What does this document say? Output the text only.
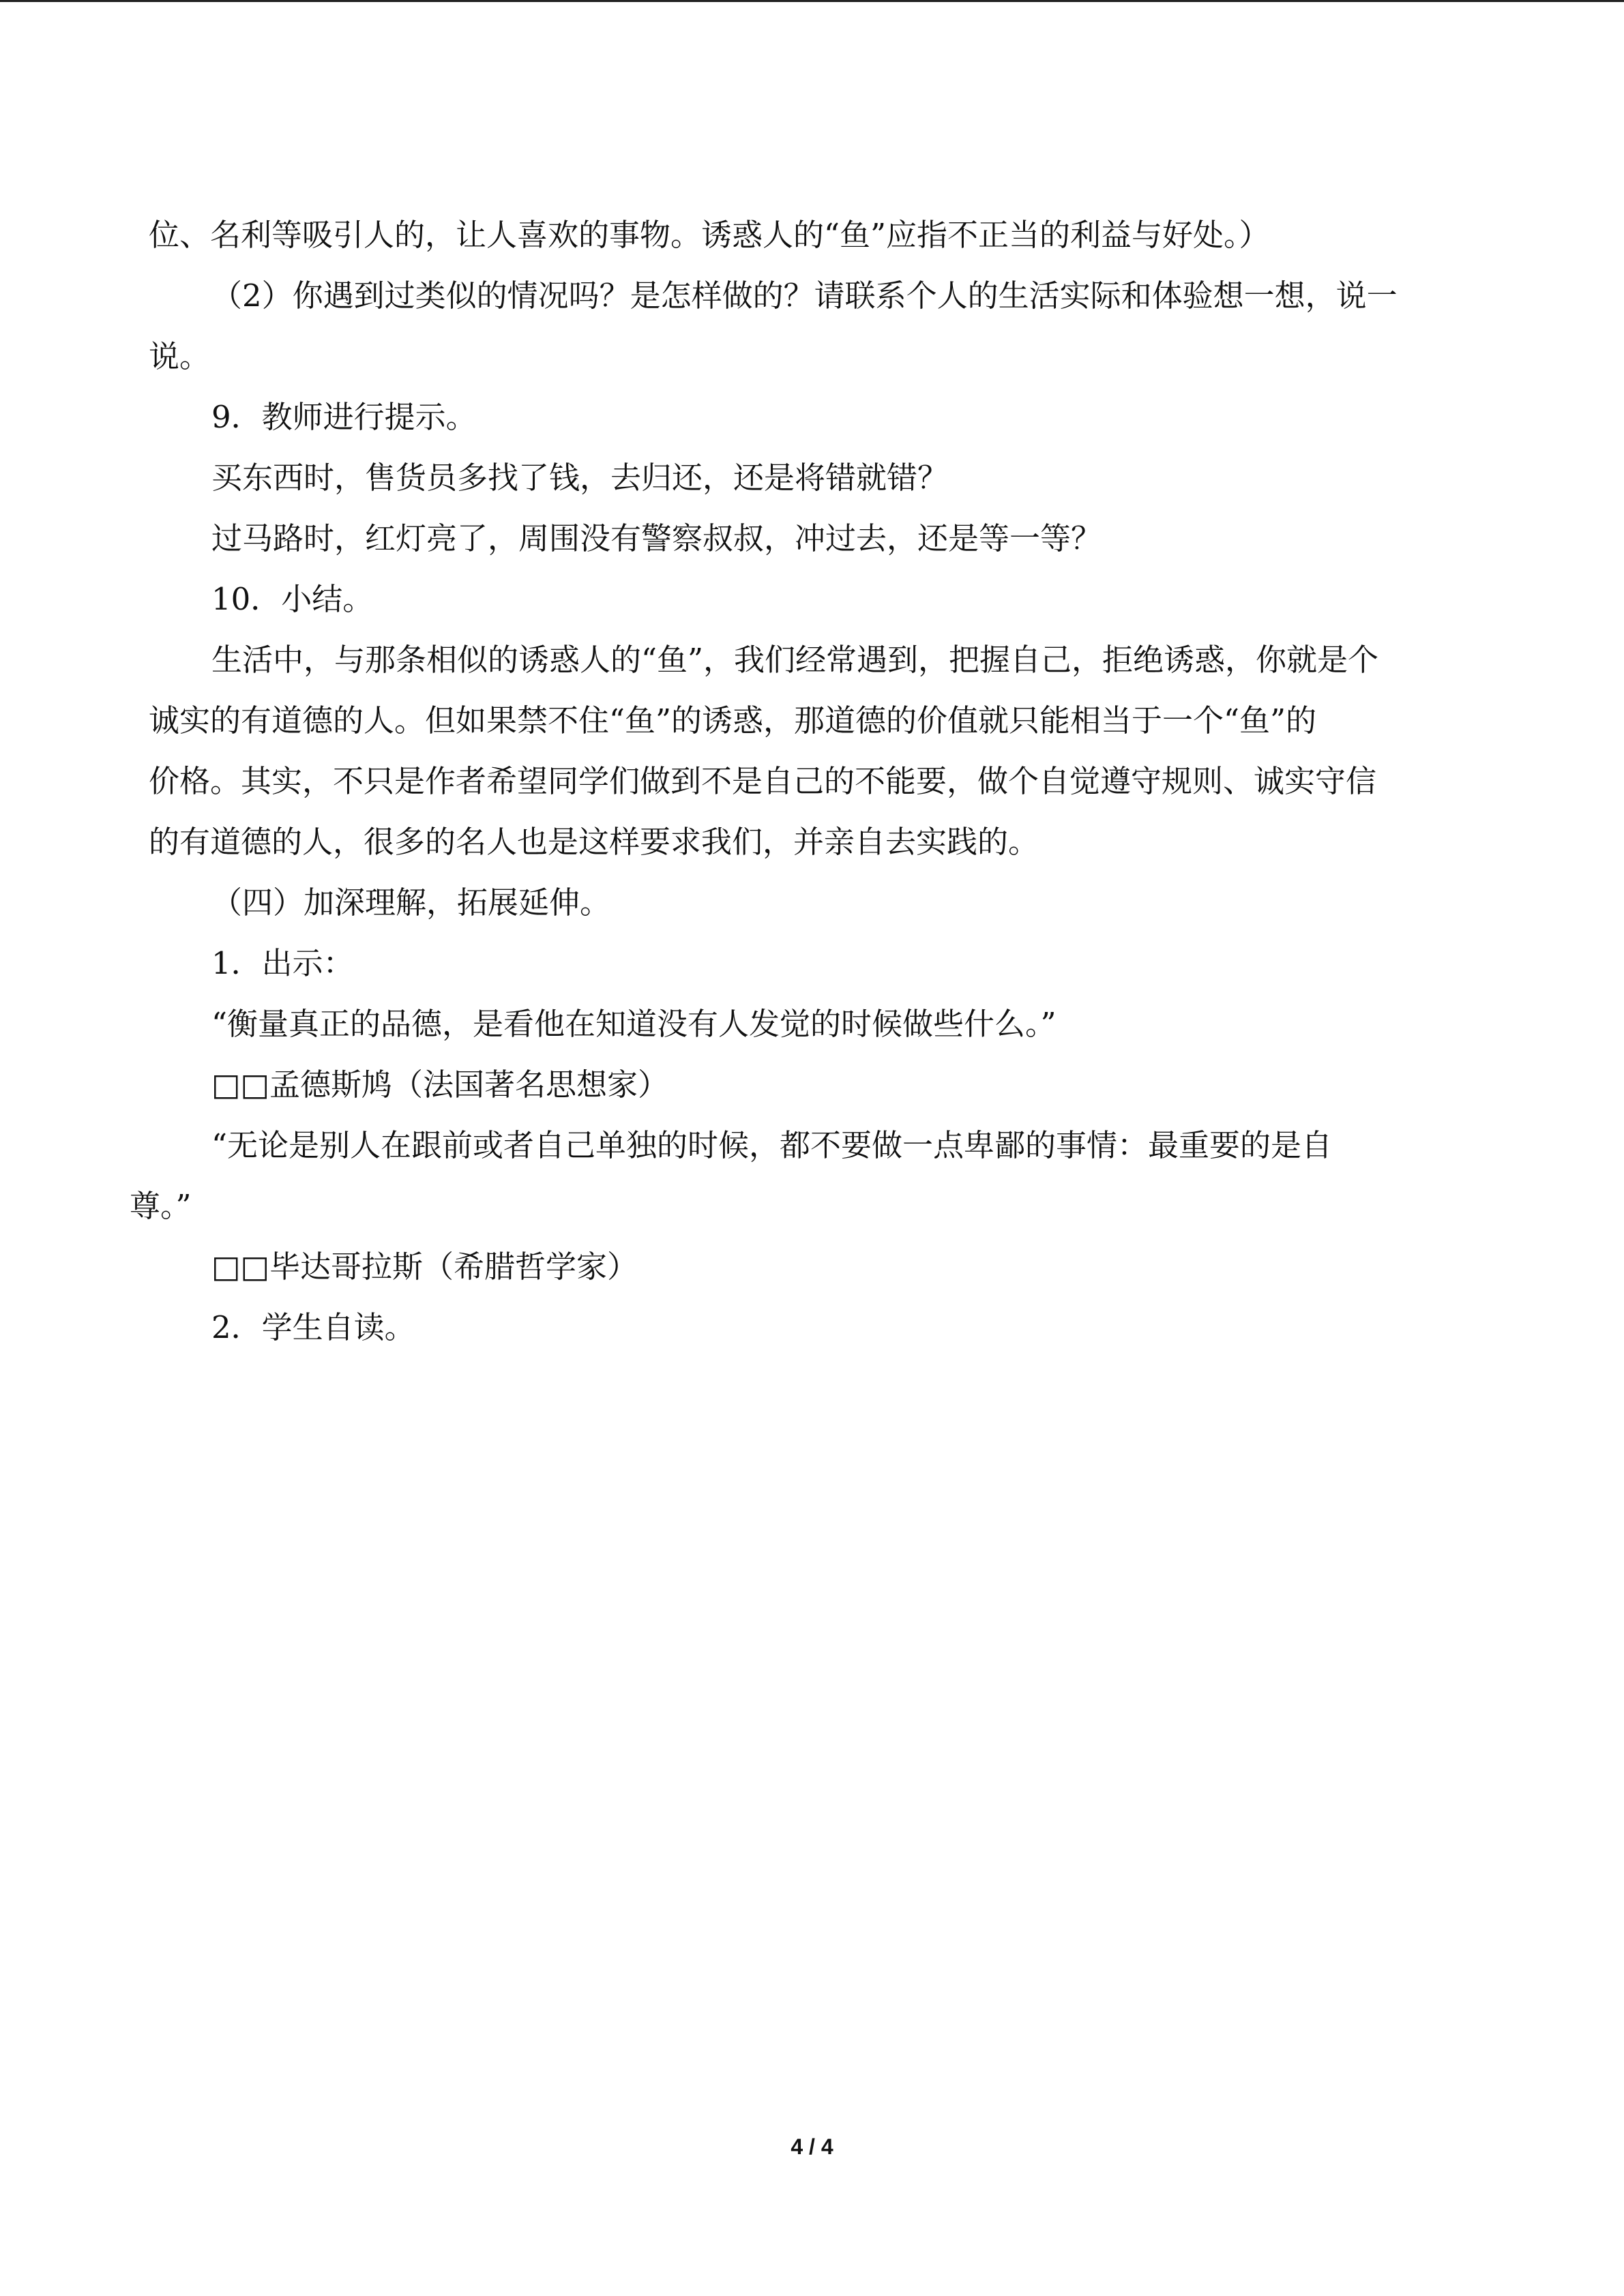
位、名利等吸引人的，让人喜欢的事物。诱惑人的“鱼”应指不正当的利益与好处。）

（2）你遇到过类似的情况吗？是怎样做的？请联系个人的生活实际和体验想一想，说一

说。

9．教师进行提示。

买东西时，售货员多找了钱，去归还，还是将错就错？

过马路时，红灯亮了，周围没有警察叔叔，冲过去，还是等一等？

10．小结。

生活中，与那条相似的诱惑人的“鱼”，我们经常遇到，把握自己，拒绝诱惑，你就是个

诚实的有道德的人。但如果禁不住“鱼”的诱惑，那道德的价值就只能相当于一个“鱼”的

价格。其实，不只是作者希望同学们做到不是自己的不能要，做个自觉遵守规则、诚实守信

的有道德的人，很多的名人也是这样要求我们，并亲自去实践的。

（四）加深理解，拓展延伸。

1．出示：

“衡量真正的品德，是看他在知道没有人发觉的时候做些什么。”

□□孟德斯鸠（法国著名思想家）

“无论是别人在跟前或者自己单独的时候，都不要做一点卑鄙的事情：最重要的是自

尊。”

□□毕达哥拉斯（希腊哲学家）

2．学生自读。

4 / 4
